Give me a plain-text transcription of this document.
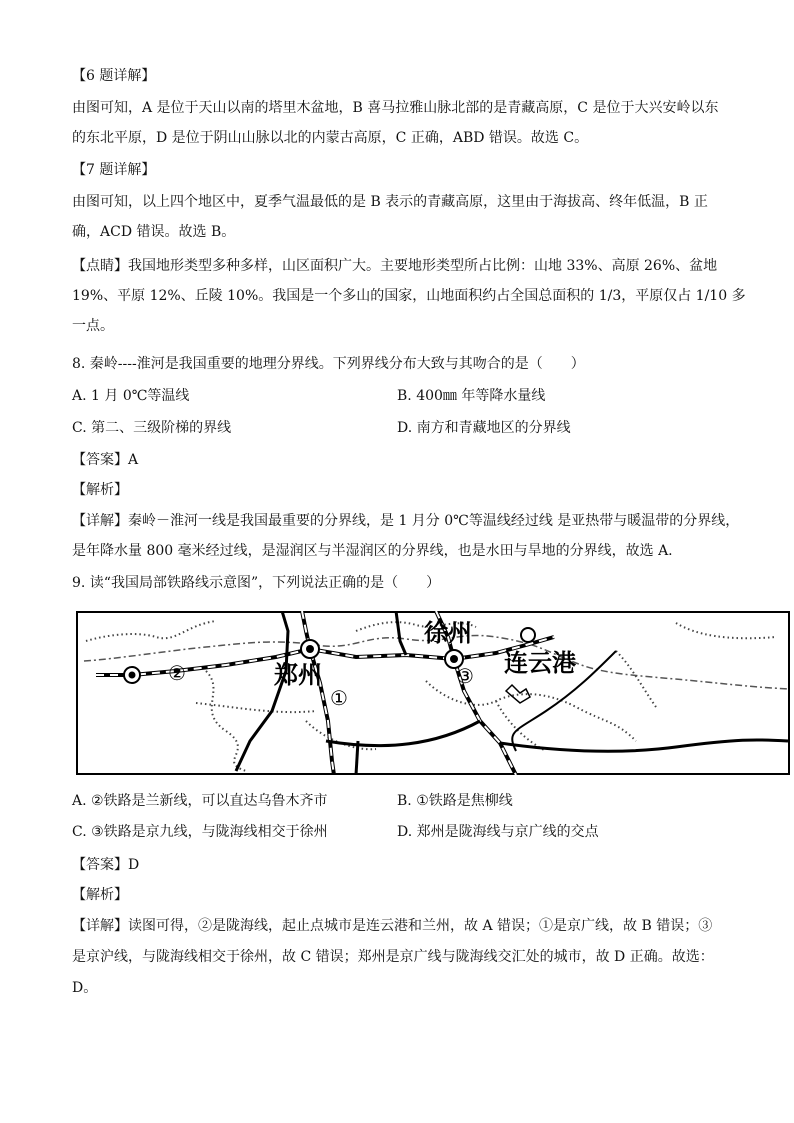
【6 题详解】
由图可知，A 是位于天山以南的塔里木盆地，B 喜马拉雅山脉北部的是青藏高原，C 是位于大兴安岭以东
的东北平原，D 是位于阴山山脉以北的内蒙古高原，C 正确，ABD 错误。故选 C。
【7 题详解】
由图可知，以上四个地区中，夏季气温最低的是 B 表示的青藏高原，这里由于海拔高、终年低温，B 正
确，ACD 错误。故选 B。
【点睛】我国地形类型多种多样，山区面积广大。主要地形类型所占比例：山地 33%、高原 26%、盆地
19%、平原 12%、丘陵 10%。我国是一个多山的国家，山地面积约占全国总面积的 1/3，平原仅占 1/10 多
一点。
8. 秦岭----淮河是我国重要的地理分界线。下列界线分布大致与其吻合的是（　　）
A. 1 月 0℃等温线	B. 400㎜ 年等降水量线
C. 第二、三级阶梯的界线	D. 南方和青藏地区的分界线
【答案】A
【解析】
【详解】秦岭－淮河一线是我国最重要的分界线，是 1 月分 0℃等温线经过线 是亚热带与暖温带的分界线，
是年降水量 800 毫米经过线，是湿润区与半湿润区的分界线，也是水田与旱地的分界线，故选 A.
9. 读“我国局部铁路线示意图”，下列说法正确的是（　　）
徐州
连云港
郑州
①
②	③
A. ②铁路是兰新线，可以直达乌鲁木齐市	B. ①铁路是焦柳线
C. ③铁路是京九线，与陇海线相交于徐州	D. 郑州是陇海线与京广线的交点
【答案】D
【解析】
【详解】读图可得，②是陇海线，起止点城市是连云港和兰州，故 A 错误；①是京广线，故 B 错误；③
是京沪线，与陇海线相交于徐州，故 C 错误；郑州是京广线与陇海线交汇处的城市，故 D 正确。故选：
D。
